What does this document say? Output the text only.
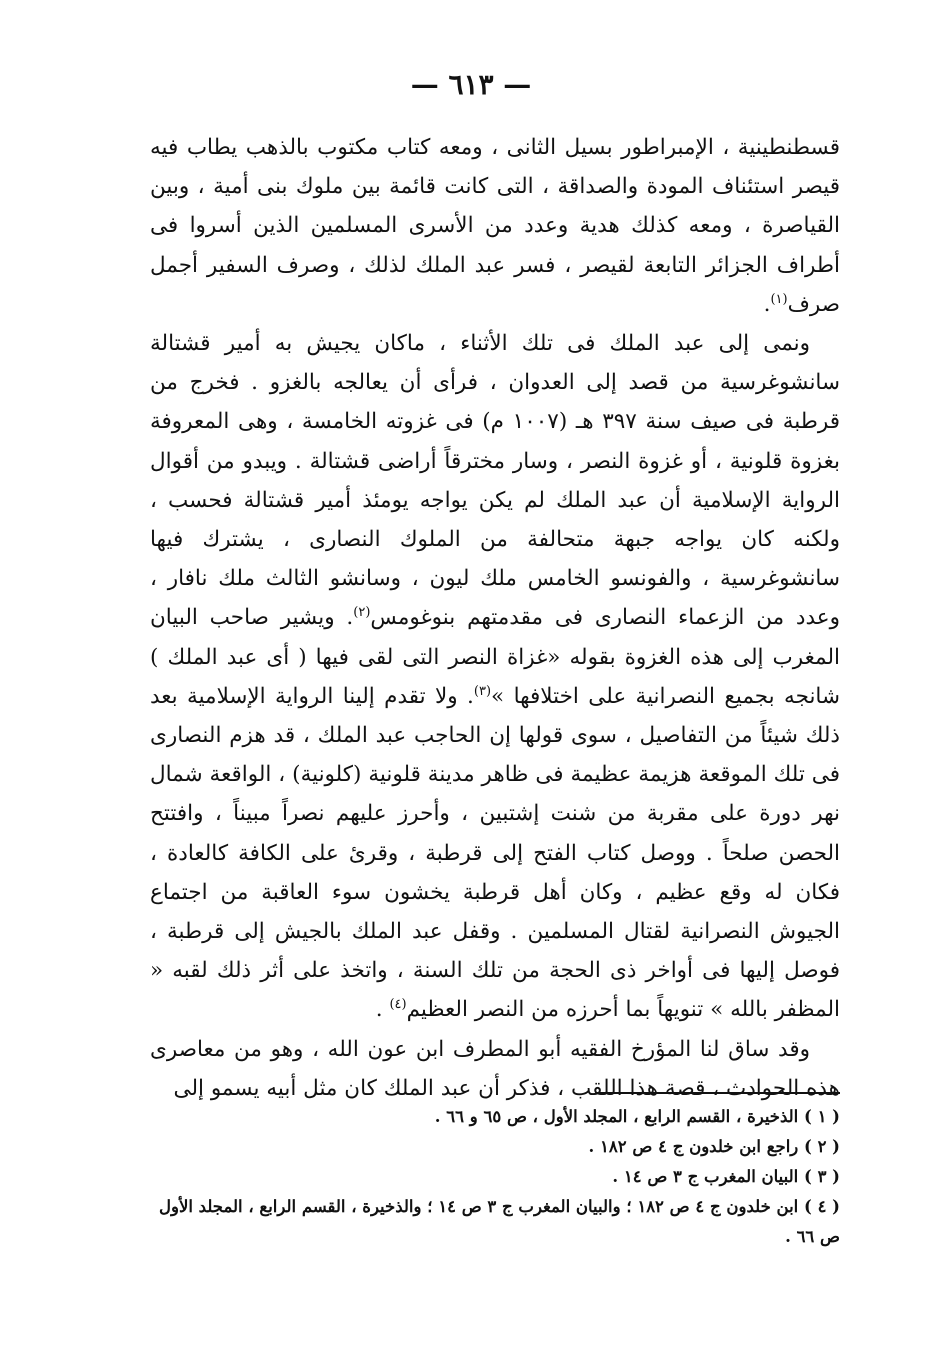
— ٦١٣ —

قسطنطينية ، الإمبراطور بسيل الثانى ، ومعه كتاب مكتوب بالذهب يطاب فيه قيصر استئناف المودة والصداقة ، التى كانت قائمة بين ملوك بنى أمية ، وبين القياصرة ، ومعه كذلك هدية وعدد من الأسرى المسلمين الذين أسروا فى أطراف الجزائر التابعة لقيصر ، فسر عبد الملك لذلك ، وصرف السفير أجمل صرف$^{(١)}$.

ونمى إلى عبد الملك فى تلك الأثناء ، ماكان يجيش به أمير قشتالة سانشوغرسية من قصد إلى العدوان ، فرأى أن يعالجه بالغزو . فخرج من قرطبة فى صيف سنة ٣٩٧ هـ (١٠٠٧ م) فى غزوته الخامسة ، وهى المعروفة بغزوة قلونية ، أو غزوة النصر ، وسار مخترقاً أراضى قشتالة . ويبدو من أقوال الرواية الإسلامية أن عبد الملك لم يكن يواجه يومئذ أمير قشتالة فحسب ، ولكنه كان يواجه جبهة متحالفة من الملوك النصارى ، يشترك فيها سانشوغرسية ، والفونسو الخامس ملك ليون ، وسانشو الثالث ملك نافار ، وعدد من الزعماء النصارى فى مقدمتهم بنوغومس$^{(٢)}$. ويشير صاحب البيان المغرب إلى هذه الغزوة بقوله «غزاة النصر التى لقى فيها ( أى عبد الملك ) شانجه بجميع النصرانية على اختلافها »$^{(٣)}$. ولا تقدم إلينا الرواية الإسلامية بعد ذلك شيئاً من التفاصيل ، سوى قولها إن الحاجب عبد الملك ، قد هزم النصارى فى تلك الموقعة هزيمة عظيمة فى ظاهر مدينة قلونية (كلونية) ، الواقعة شمال نهر دورة على مقربة من شنت إشتبين ، وأحرز عليهم نصراً مبيناً ، وافتتح الحصن صلحاً . ووصل كتاب الفتح إلى قرطبة ، وقرئ على الكافة كالعادة ، فكان له وقع عظيم ، وكان أهل قرطبة يخشون سوء العاقبة من اجتماع الجيوش النصرانية لقتال المسلمين . وقفل عبد الملك بالجيش إلى قرطبة ، فوصل إليها فى أواخر ذى الحجة من تلك السنة ، واتخذ على أثر ذلك لقبه « المظفر بالله » تنويهاً بما أحرزه من النصر العظيم$^{(٤)}$ .

وقد ساق لنا المؤرخ الفقيه أبو المطرف ابن عون الله ، وهو من معاصرى هذه الحوادث ، قصة هذا اللقب ، فذكر أن عبد الملك كان مثل أبيه يسمو إلى

( ١ ) الذخيرة ، القسم الرابع ، المجلد الأول ، ص ٦٥ و ٦٦ .

( ٢ ) راجع ابن خلدون ج ٤ ص ١٨٢ .

( ٣ ) البيان المغرب ج ٣ ص ١٤ .

( ٤ ) ابن خلدون ج ٤ ص ١٨٢ ؛ والبيان المغرب ج ٣ ص ١٤ ؛ والذخيرة ، القسم الرابع ، المجلد الأول ص ٦٦ .
